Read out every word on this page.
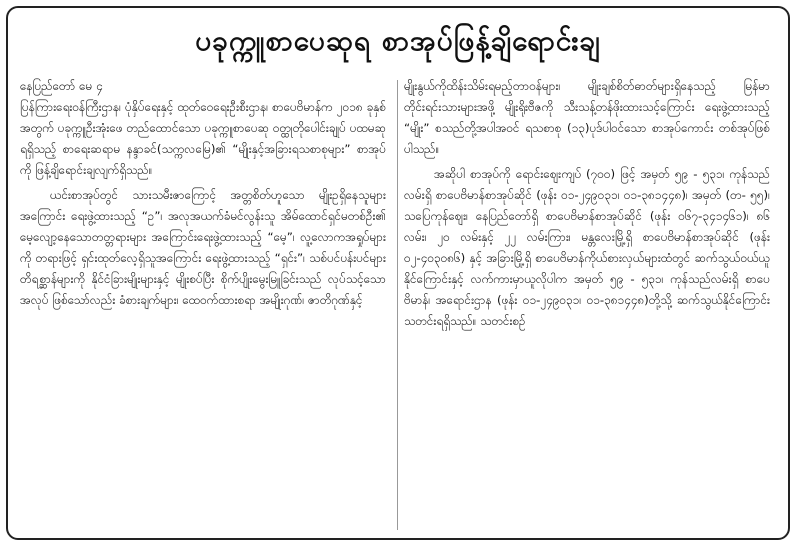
ပခုက္ကူစာပေဆုရ စာအုပ်ဖြန့်ချိရောင်းချ

နေပြည်တော် မေ ၄
ပြန်ကြားရေးဝန်ကြီးဌာန၊ ပုံနှိပ်ရေးနှင့် ထုတ်ဝေရေးဦးစီးဌာန၊ စာပေဗိမာန်က ၂၀၁၈ ခုနှစ်အတွက် ပခုက္ကူဦးအုံးဖေ တည်ထောင်သော ပခုက္ကူစာပေဆု ဝတ္ထုတိုပေါင်းချုပ် ပထမဆုရရှိသည့် စာရေးဆရာမ နန္ဒာခင်(သက္ကလမြေ)၏ “မျိုးနှင့်အခြားရသစာစုများ” စာအုပ်ကို ဖြန့်ချိရောင်းချလျက်ရှိသည်။

ယင်းစာအုပ်တွင် သားသမီးဇာကြောင့် အတ္တစိတ်ဟူသော မျိုးဥရှိနေသူများအကြောင်း ရေးဖွဲ့ထားသည့် “ဥ”၊ အလုအယက်ခံမင်လွန်းသူ အိမ်ထောင်ရှင်မတစ်ဦး၏ မေ့လျော့နေသောတတ္တရားများ အကြောင်းရေးဖွဲ့ထားသည့် “မေ့”၊ လူ့လောကအရှုပ်များကို တရားဖြင့် ရှင်းထုတ်လေ့ရှိသူအကြောင်း ရေးဖွဲ့ထားသည့် “ရှင်း”၊ သစ်ပင်ပန်းပင်များ တိရစ္ဆာန်များကို နိုင်ငံခြားမျိုးများနှင့် မျိုးစပ်ပြီး စိုက်ပျိုးမွေးမြူခြင်းသည် လုပ်သင့်သောအလုပ် ဖြစ်သော်လည်း ခံစားချက်များ၊ ထေဝက်ထားစရာ အမျိုးဂုဏ်၊ ဇာတိဂုဏ်နှင့်

မျိုးနွယ်ကိုထိန်းသိမ်းရမည့်တာဝန်များ၊ မျိုးချစ်စိတ်ဓာတ်များရှိနေသည့် မြန်မာတိုင်းရင်းသားများအဖို့ မျိုးရိုးဗီဇကို သီးသန့်တန်ဖိုးထားသင့်ကြောင်း ရေးဖွဲ့ထားသည့် “မျိုး” စသည်တို့အပါအဝင် ရသစာစု (၁၃)ပုဒ်ပါဝင်သော စာအုပ်ကောင်း တစ်အုပ်ဖြစ်ပါသည်။

အဆိုပါ စာအုပ်ကို ရောင်းဈေးကျပ် (၇၀၀) ဖြင့် အမှတ် ၅၉ - ၅၃၁၊ ကုန်သည်လမ်းရှိ စာပေဗိမာန်စာအုပ်ဆိုင် (ဖုန်း ၀၁-၂၄၉၀၃၁၊ ၀၁-၃၈၁၄၄၈)၊ အမှတ် (တ- ၅၅)၊ သပြေကုန်ဈေး၊ နေပြည်တော်ရှိ စာပေဗိမာန်စာအုပ်ဆိုင် (ဖုန်း ၀၆၇-၃၄၁၄၆၁)၊ ၈၆ လမ်း၊ ၂၀ လမ်းနှင့် ၂၂ လမ်းကြား၊ မန္တလေးမြို့ရှိ စာပေဗိမာန်စာအုပ်ဆိုင် (ဖုန်း ၀၂-၄၀၃၀၈၆) နှင့် အခြားမြို့ရှိ စာပေဗိမာန်ကိုယ်စားလှယ်များထံတွင် ဆက်သွယ်ဝယ်ယူနိုင်ကြောင်းနှင့် လက်ကားမှာယူလိုပါက အမှတ် ၅၉ - ၅၃၁၊ ကုန်သည်လမ်းရှိ စာပေဗိမာန်၊ အရောင်းဌာန (ဖုန်း ၀၁-၂၄၉၀၃၁၊ ၀၁-၃၈၁၄၄၈)တို့သို့ ဆက်သွယ်နိုင်ကြောင်း သတင်းရရှိသည်။ သတင်းစဉ်
